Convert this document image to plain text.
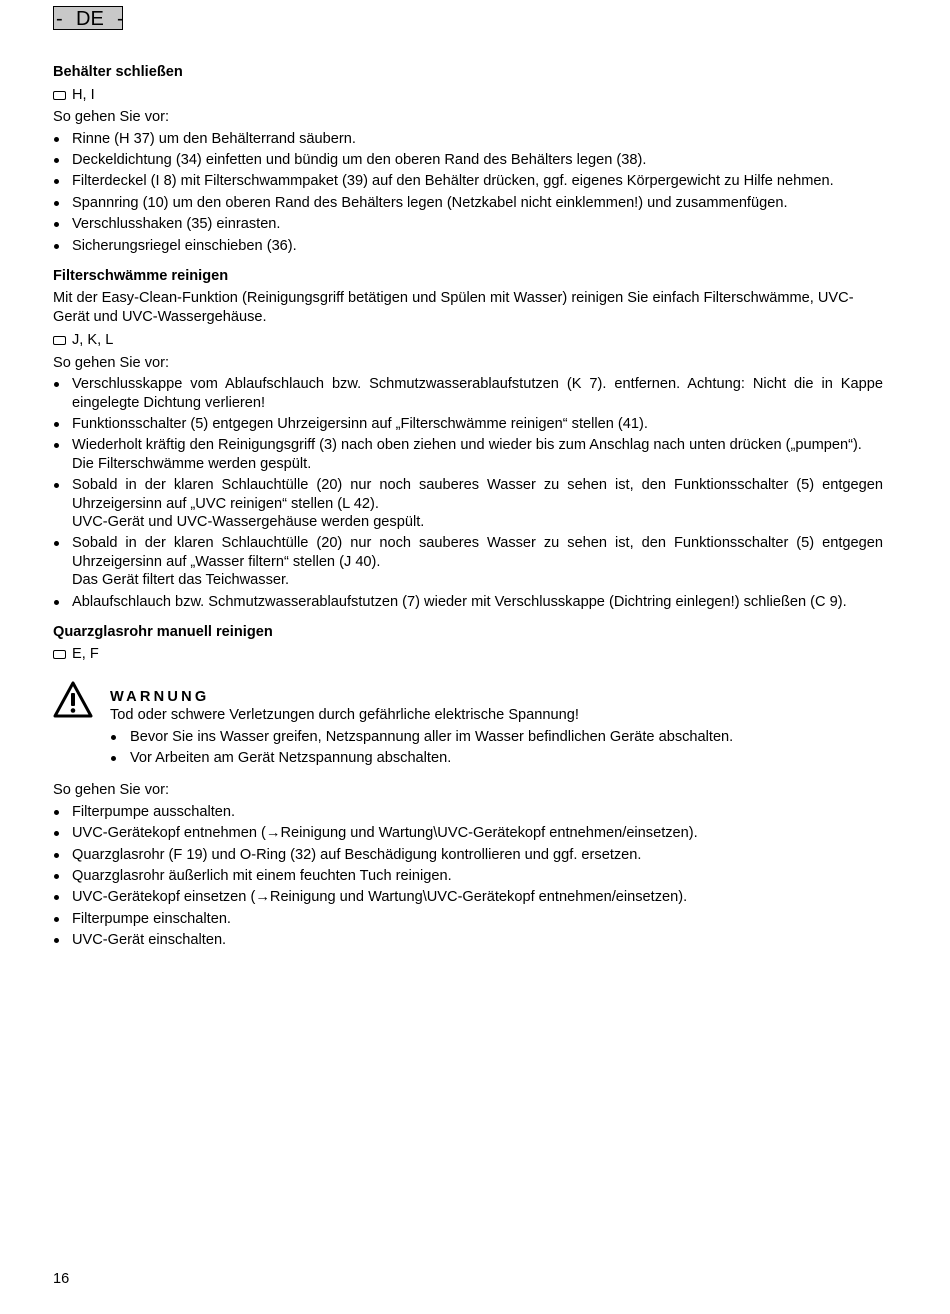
- DE -
Behälter schließen
H, I

So gehen Sie vor:

Rinne (H 37) um den Behälterrand säubern.
Deckeldichtung (34) einfetten und bündig um den oberen Rand des Behälters legen (38).
Filterdeckel (I 8) mit Filterschwammpaket (39) auf den Behälter drücken, ggf. eigenes Körpergewicht zu Hilfe nehmen.
Spannring (10) um den oberen Rand des Behälters legen (Netzkabel nicht einklemmen!) und zusammenfügen.
Verschlusshaken (35) einrasten.
Sicherungsriegel einschieben (36).
Filterschwämme reinigen

Mit der Easy-Clean-Funktion (Reinigungsgriff betätigen und Spülen mit Wasser) reinigen Sie einfach Filterschwämme, UVC-Gerät und UVC-Wassergehäuse.

J, K, L

So gehen Sie vor:

Verschlusskappe vom Ablaufschlauch bzw. Schmutzwasserablaufstutzen (K 7). entfernen. Achtung: Nicht die in Kappe eingelegte Dichtung verlieren!
Funktionsschalter (5) entgegen Uhrzeigersinn auf „Filterschwämme reinigen“ stellen (41).
Wiederholt kräftig den Reinigungsgriff (3) nach oben ziehen und wieder bis zum Anschlag nach unten drücken („pumpen“).
Die Filterschwämme werden gespült.
Sobald in der klaren Schlauchtülle (20) nur noch sauberes Wasser zu sehen ist, den Funktionsschalter (5) entgegen Uhrzeigersinn auf „UVC reinigen“ stellen (L 42).
UVC-Gerät und UVC-Wassergehäuse werden gespült.
Sobald in der klaren Schlauchtülle (20) nur noch sauberes Wasser zu sehen ist, den Funktionsschalter (5) entgegen Uhrzeigersinn auf „Wasser filtern“ stellen (J 40).
Das Gerät filtert das Teichwasser.
Ablaufschlauch bzw. Schmutzwasserablaufstutzen (7) wieder mit Verschlusskappe (Dichtring einlegen!) schließen (C 9).
Quarzglasrohr manuell reinigen
E, F
WARNUNG

Tod oder schwere Verletzungen durch gefährliche elektrische Spannung!

Bevor Sie ins Wasser greifen, Netzspannung aller im Wasser befindlichen Geräte abschalten.
Vor Arbeiten am Gerät Netzspannung abschalten.

So gehen Sie vor:

Filterpumpe ausschalten.
UVC-Gerätekopf entnehmen (→Reinigung und Wartung\UVC-Gerätekopf entnehmen/einsetzen).
Quarzglasrohr (F 19) und O-Ring (32) auf Beschädigung kontrollieren und ggf. ersetzen.
Quarzglasrohr äußerlich mit einem feuchten Tuch reinigen.
UVC-Gerätekopf einsetzen (→Reinigung und Wartung\UVC-Gerätekopf entnehmen/einsetzen).
Filterpumpe einschalten.
UVC-Gerät einschalten.
16
